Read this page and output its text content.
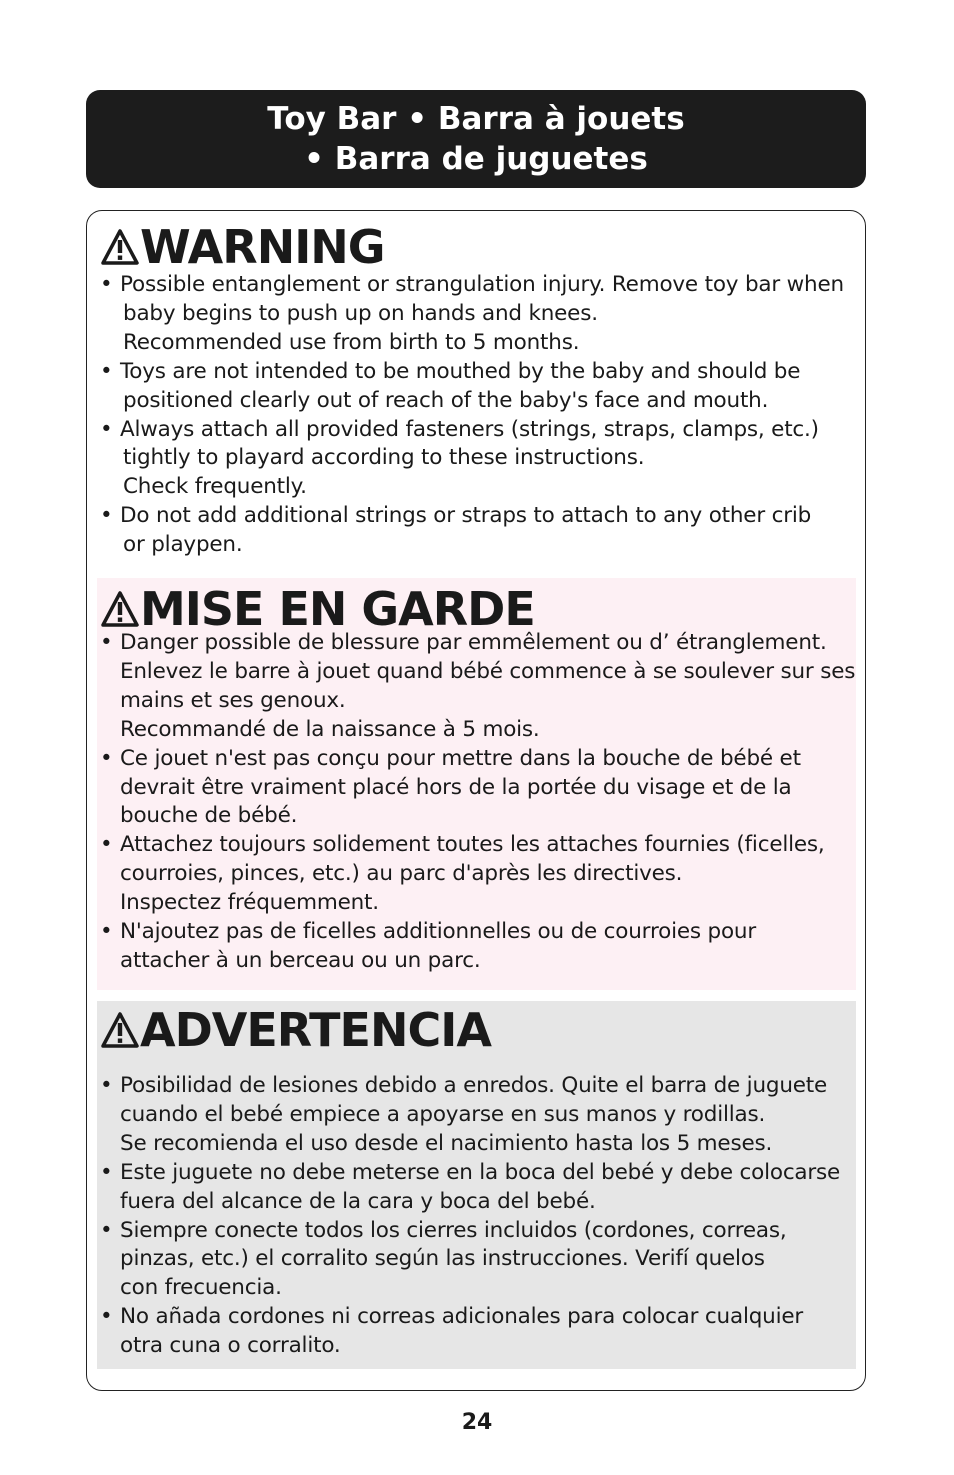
Toy Bar • Barra à jouets
• Barra de juguetes
WARNING
• Possible entanglement or strangulation injury. Remove toy bar when
baby begins to push up on hands and knees.
Recommended use from birth to 5 months.
• Toys are not intended to be mouthed by the baby and should be
positioned clearly out of reach of the baby's face and mouth.
• Always attach all provided fasteners (strings, straps, clamps, etc.)
tightly to playard according to these instructions.
Check frequently.
• Do not add additional strings or straps to attach to any other crib
or playpen.
MISE EN GARDE
• Danger possible de blessure par emmêlement ou d’ étranglement.
Enlevez le barre à jouet quand bébé commence à se soulever sur ses
mains et ses genoux.
Recommandé de la naissance à 5 mois.
• Ce jouet n'est pas conçu pour mettre dans la bouche de bébé et
devrait être vraiment placé hors de la portée du visage et de la
bouche de bébé.
• Attachez toujours solidement toutes les attaches fournies (ficelles,
courroies, pinces, etc.) au parc d'après les directives.
Inspectez fréquemment.
• N'ajoutez pas de ficelles additionnelles ou de courroies pour
attacher à un berceau ou un parc.
ADVERTENCIA
• Posibilidad de lesiones debido a enredos. Quite el barra de juguete
cuando el bebé empiece a apoyarse en sus manos y rodillas.
Se recomienda el uso desde el nacimiento hasta los 5 meses.
• Este juguete no debe meterse en la boca del bebé y debe colocarse
fuera del alcance de la cara y boca del bebé.
• Siempre conecte todos los cierres incluidos (cordones, correas,
pinzas, etc.) el corralito según las instrucciones. Verifí quelos
con frecuencia.
• No añada cordones ni correas adicionales para colocar cualquier
otra cuna o corralito.
24
